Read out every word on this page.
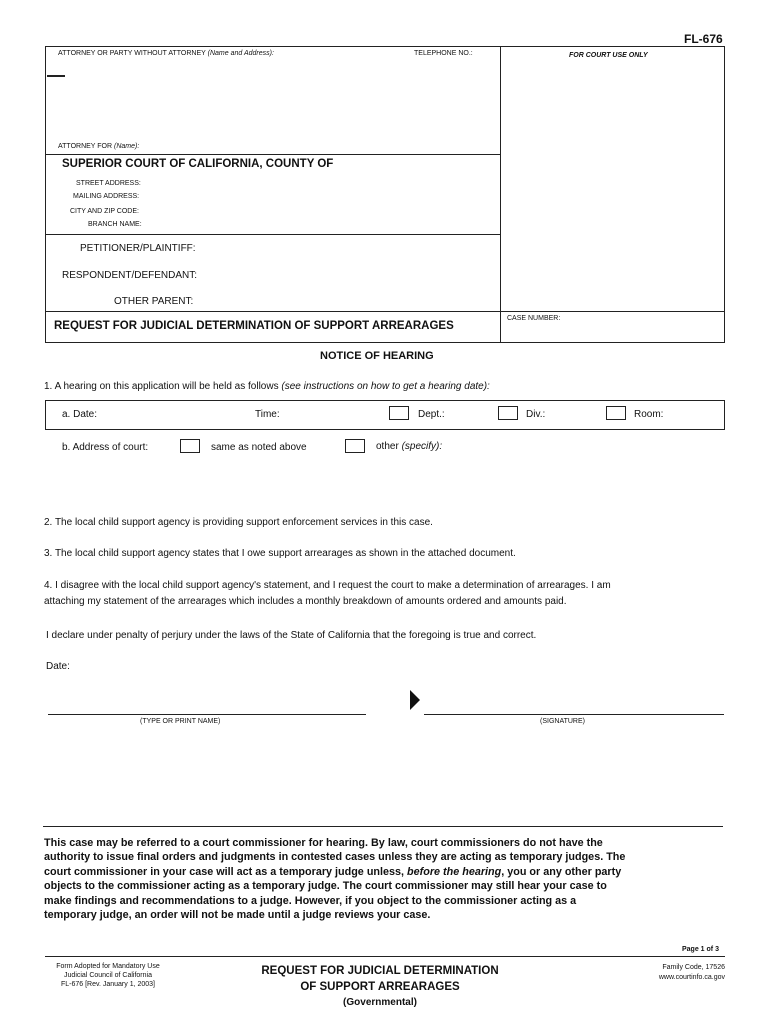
FL-676
ATTORNEY OR PARTY WITHOUT ATTORNEY (Name and Address):	TELEPHONE NO.:	FOR COURT USE ONLY
ATTORNEY FOR (Name):
SUPERIOR COURT OF CALIFORNIA, COUNTY OF
STREET ADDRESS:
MAILING ADDRESS:
CITY AND ZIP CODE:
BRANCH NAME:
PETITIONER/PLAINTIFF:
RESPONDENT/DEFENDANT:
OTHER PARENT:
REQUEST FOR JUDICIAL DETERMINATION OF SUPPORT ARREARAGES
CASE NUMBER:
NOTICE OF HEARING
1. A hearing on this application will be held as follows (see instructions on how to get a hearing date):
a. Date:	Time:	Dept.:	Div.:	Room:
b. Address of court:	same as noted above	other (specify):
2. The local child support agency is providing support enforcement services in this case.
3. The local child support agency states that I owe support arrearages as shown in the attached document.
4. I disagree with the local child support agency's statement, and I request the court to make a determination of arrearages. I am
attaching my statement of the arrearages which includes a monthly breakdown of amounts ordered and amounts paid.
I declare under penalty of perjury under the laws of the State of California that the foregoing is true and correct.
Date:
(TYPE OR PRINT NAME)	(SIGNATURE)
This case may be referred to a court commissioner for hearing. By law, court commissioners do not have the
authority to issue final orders and judgments in contested cases unless they are acting as temporary judges. The
court commissioner in your case will act as a temporary judge unless, before the hearing, you or any other party
objects to the commissioner acting as a temporary judge. The court commissioner may still hear your case to
make findings and recommendations to a judge. However, if you object to the commissioner acting as a
temporary judge, an order will not be made until a judge reviews your case.
Page 1 of 3
Form Adopted for Mandatory Use
Judicial Council of California
FL-676 [Rev. January 1, 2003]
REQUEST FOR JUDICIAL DETERMINATION
OF SUPPORT ARREARAGES
(Governmental)
Family Code, 17526
www.courtinfo.ca.gov
